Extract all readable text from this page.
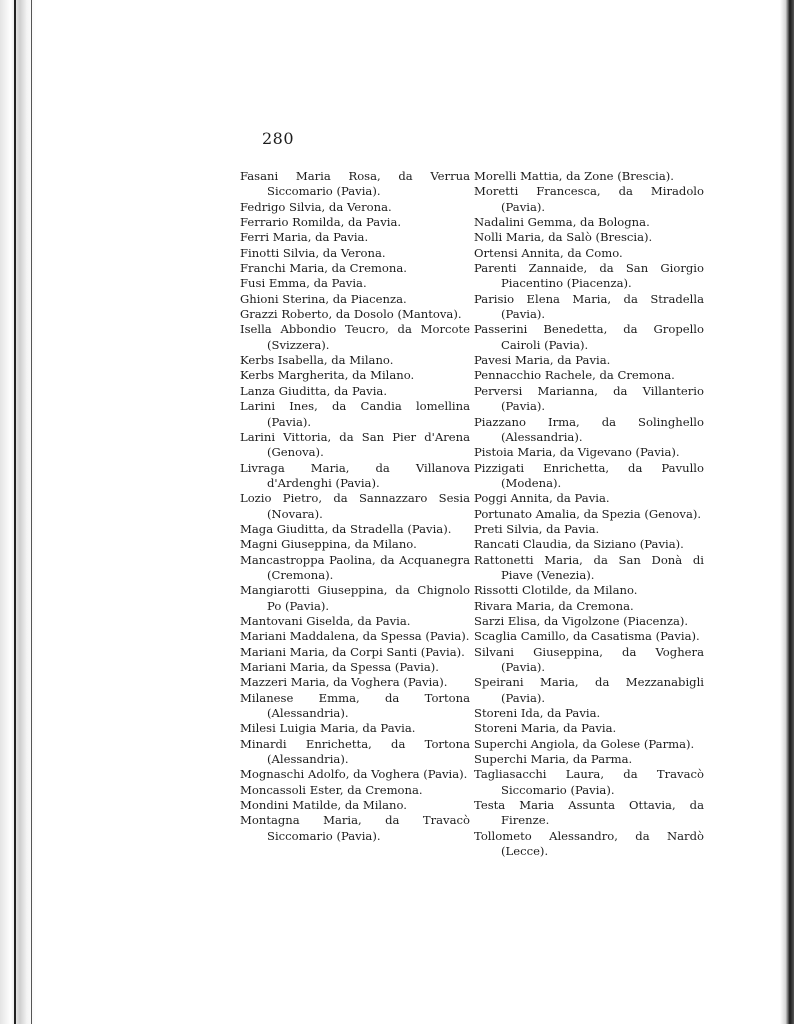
280

Fasani Maria Rosa, da Verrua Siccomario (Pavia).

Fedrigo Silvia, da Verona.

Ferrario Romilda, da Pavia.

Ferri Maria, da Pavia.

Finotti Silvia, da Verona.

Franchi Maria, da Cremona.

Fusi Emma, da Pavia.

Ghioni Sterina, da Piacenza.

Grazzi Roberto, da Dosolo (Mantova).

Isella Abbondio Teucro, da Morcote (Svizzera).

Kerbs Isabella, da Milano.

Kerbs Margherita, da Milano.

Lanza Giuditta, da Pavia.

Larini Ines, da Candia lomellina (Pavia).

Larini Vittoria, da San Pier d'Arena (Genova).

Livraga Maria, da Villanova d'Ardenghi (Pavia).

Lozio Pietro, da Sannazzaro Sesia (Novara).

Maga Giuditta, da Stradella (Pavia).

Magni Giuseppina, da Milano.

Mancastroppa Paolina, da Acquanegra (Cremona).

Mangiarotti Giuseppina, da Chignolo Po (Pavia).

Mantovani Giselda, da Pavia.

Mariani Maddalena, da Spessa (Pavia).

Mariani Maria, da Corpi Santi (Pavia).

Mariani Maria, da Spessa (Pavia).

Mazzeri Maria, da Voghera (Pavia).

Milanese Emma, da Tortona (Alessandria).

Milesi Luigia Maria, da Pavia.

Minardi Enrichetta, da Tortona (Alessandria).

Mognaschi Adolfo, da Voghera (Pavia).

Moncassoli Ester, da Cremona.

Mondini Matilde, da Milano.

Montagna Maria, da Travacò Siccomario (Pavia).

Morelli Mattia, da Zone (Brescia).

Moretti Francesca, da Miradolo (Pavia).

Nadalini Gemma, da Bologna.

Nolli Maria, da Salò (Brescia).

Ortensi Annita, da Como.

Parenti Zannaide, da San Giorgio Piacentino (Piacenza).

Parisio Elena Maria, da Stradella (Pavia).

Passerini Benedetta, da Gropello Cairoli (Pavia).

Pavesi Maria, da Pavia.

Pennacchio Rachele, da Cremona.

Perversi Marianna, da Villanterio (Pavia).

Piazzano Irma, da Solinghello (Alessandria).

Pistoia Maria, da Vigevano (Pavia).

Pizzigati Enrichetta, da Pavullo (Modena).

Poggi Annita, da Pavia.

Portunato Amalia, da Spezia (Genova).

Preti Silvia, da Pavia.

Rancati Claudia, da Siziano (Pavia).

Rattonetti Maria, da San Donà di Piave (Venezia).

Rissotti Clotilde, da Milano.

Rivara Maria, da Cremona.

Sarzi Elisa, da Vigolzone (Piacenza).

Scaglia Camillo, da Casatisma (Pavia).

Silvani Giuseppina, da Voghera (Pavia).

Speirani Maria, da Mezzanabigli (Pavia).

Storeni Ida, da Pavia.

Storeni Maria, da Pavia.

Superchi Angiola, da Golese (Parma).

Superchi Maria, da Parma.

Tagliasacchi Laura, da Travacò Siccomario (Pavia).

Testa Maria Assunta Ottavia, da Firenze.

Tollometo Alessandro, da Nardò (Lecce).
